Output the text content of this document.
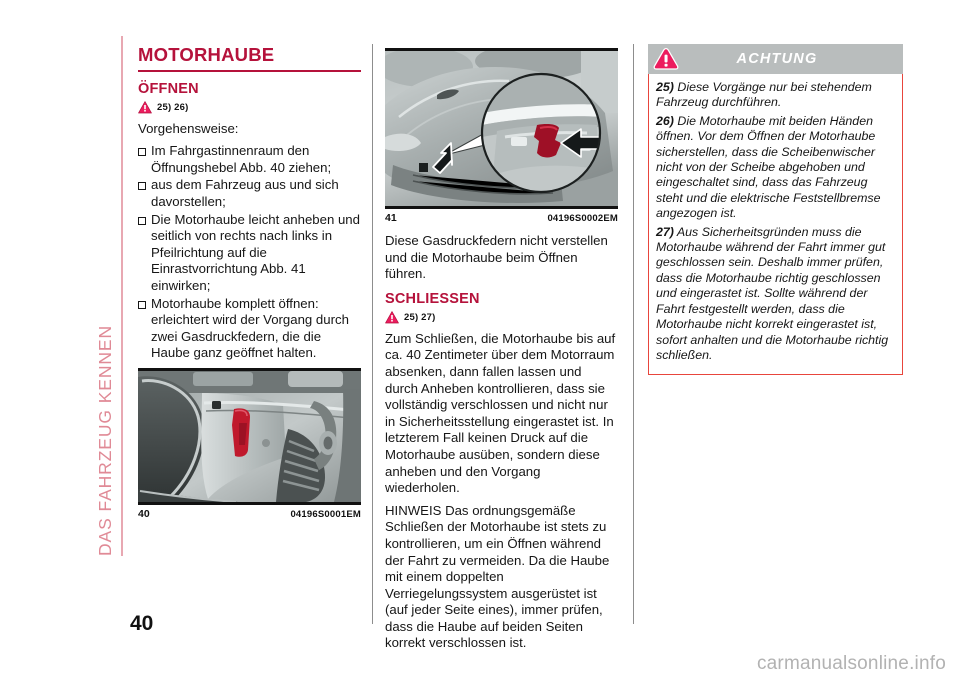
DAS FAHRZEUG KENNEN
MOTORHAUBE
ÖFFNEN
25) 26)

Vorgehensweise:

Im Fahrgastinnenraum den Öffnungshebel Abb. 40 ziehen;
aus dem Fahrzeug aus und sich davorstellen;
Die Motorhaube leicht anheben und seitlich von rechts nach links in Pfeilrichtung auf die Einrastvorrichtung Abb. 41 einwirken;
Motorhaube komplett öffnen: erleichtert wird der Vorgang durch zwei Gasdruckfedern, die die Haube ganz geöffnet halten.
40	04196S0001EM
41	04196S0002EM

Diese Gasdruckfedern nicht verstellen und die Motorhaube beim Öffnen führen.

SCHLIESSEN
25) 27)

Zum Schließen, die Motorhaube bis auf ca. 40 Zentimeter über dem Motorraum absenken, dann fallen lassen und durch Anheben kontrollieren, dass sie vollständig verschlossen und nicht nur in Sicherheitsstellung eingerastet ist. In letzterem Fall keinen Druck auf die Motorhaube ausüben, sondern diese anheben und den Vorgang wiederholen.

HINWEIS Das ordnungsgemäße Schließen der Motorhaube ist stets zu kontrollieren, um ein Öffnen während der Fahrt zu vermeiden. Da die Haube mit einem doppelten Verriegelungssystem ausgerüstet ist (auf jeder Seite eines), immer prüfen, dass die Haube auf beiden Seiten korrekt verschlossen ist.

ACHTUNG

25) Diese Vorgänge nur bei stehendem Fahrzeug durchführen.

26) Die Motorhaube mit beiden Händen öffnen. Vor dem Öffnen der Motorhaube sicherstellen, dass die Scheibenwischer nicht von der Scheibe abgehoben und eingeschaltet sind, dass das Fahrzeug steht und die elektrische Feststellbremse angezogen ist.

27) Aus Sicherheitsgründen muss die Motorhaube während der Fahrt immer gut geschlossen sein. Deshalb immer prüfen, dass die Motorhaube richtig geschlossen und eingerastet ist. Sollte während der Fahrt festgestellt werden, dass die Motorhaube nicht korrekt eingerastet ist, sofort anhalten und die Motorhaube richtig schließen.

40
carmanualsonline.info
